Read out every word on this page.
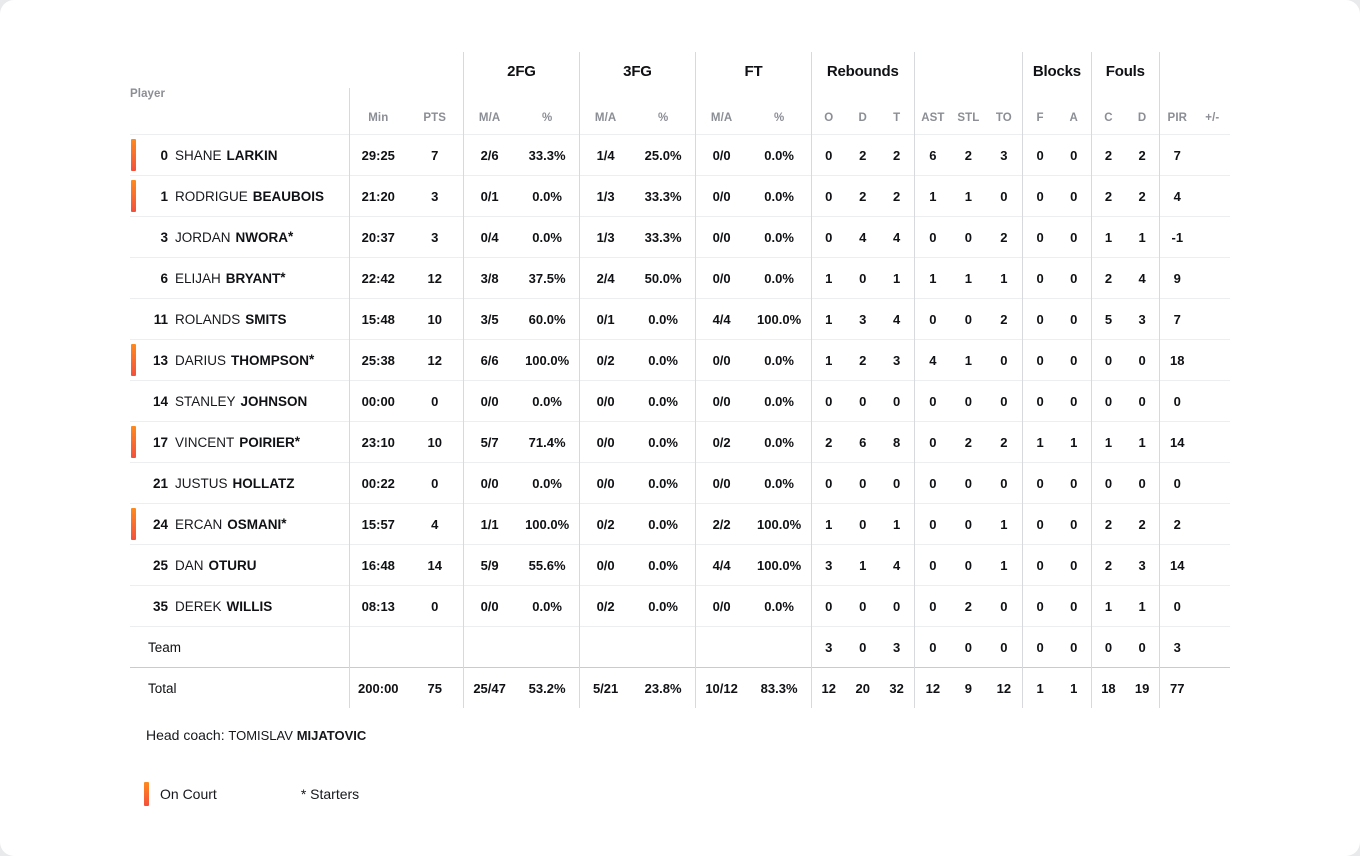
			2FG		3FG		FT		Rebounds						Blocks		Fouls			
Player	Min	PTS	M/A	%	M/A	%	M/A	%	O	D	T	AST	STL	TO	F	A	C	D	PIR	+/-

0 SHANE LARKIN	29:25	7	2/6	33.3%	1/4	25.0%	0/0	0.0%	0	2	2	6	2	3	0	0	2	2	7	

1 RODRIGUE BEAUBOIS	21:20	3	0/1	0.0%	1/3	33.3%	0/0	0.0%	0	2	2	1	1	0	0	0	2	2	4	

3 JORDAN NWORA *	20:37	3	0/4	0.0%	1/3	33.3%	0/0	0.0%	0	4	4	0	0	2	0	0	1	1	-1	

6 ELIJAH BRYANT *	22:42	12	3/8	37.5%	2/4	50.0%	0/0	0.0%	1	0	1	1	1	1	0	0	2	4	9	

11 ROLANDS SMITS	15:48	10	3/5	60.0%	0/1	0.0%	4/4	100.0%	1	3	4	0	0	2	0	0	5	3	7	

13 DARIUS THOMPSON *	25:38	12	6/6	100.0%	0/2	0.0%	0/0	0.0%	1	2	3	4	1	0	0	0	0	0	18	

14 STANLEY JOHNSON	00:00	0	0/0	0.0%	0/0	0.0%	0/0	0.0%	0	0	0	0	0	0	0	0	0	0	0	

17 VINCENT POIRIER *	23:10	10	5/7	71.4%	0/0	0.0%	0/2	0.0%	2	6	8	0	2	2	1	1	1	1	14	

21 JUSTUS HOLLATZ	00:22	0	0/0	0.0%	0/0	0.0%	0/0	0.0%	0	0	0	0	0	0	0	0	0	0	0	

24 ERCAN OSMANI *	15:57	4	1/1	100.0%	0/2	0.0%	2/2	100.0%	1	0	1	0	0	1	0	0	2	2	2	

25 DAN OTURU	16:48	14	5/9	55.6%	0/0	0.0%	4/4	100.0%	3	1	4	0	0	1	0	0	2	3	14	

35 DEREK WILLIS	08:13	0	0/0	0.0%	0/2	0.0%	0/0	0.0%	0	0	0	0	2	0	0	0	1	1	0	

Team									3	0	3	0	0	0	0	0	0	0	3	

Total	200:00	75	25/47	53.2%	5/21	23.8%	10/12	83.3%	12	20	32	12	9	12	1	1	18	19	77	
Head coach: TOMISLAV MIJATOVIC
On Court	* Starters
